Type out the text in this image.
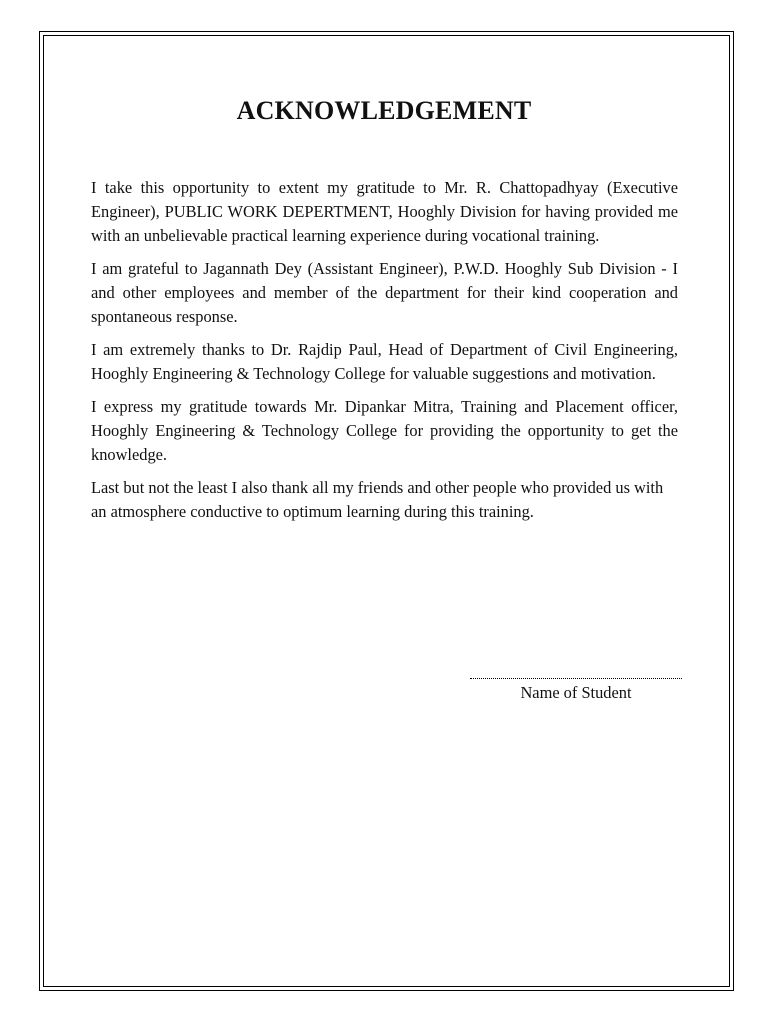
ACKNOWLEDGEMENT

I take this opportunity to extent my gratitude to Mr. R. Chattopadhyay (Executive Engineer), PUBLIC WORK DEPERTMENT, Hooghly Division for having provided me with an unbelievable practical learning experience during vocational training.

I am grateful to Jagannath Dey (Assistant Engineer), P.W.D. Hooghly Sub Division - I and other employees and member of the department for their kind cooperation and spontaneous response.

I am extremely thanks to Dr. Rajdip Paul, Head of Department of Civil Engineering, Hooghly Engineering & Technology College for valuable suggestions and motivation.

I express my gratitude towards Mr. Dipankar Mitra, Training and Placement officer, Hooghly Engineering & Technology College for providing the opportunity to get the knowledge.

Last but not the least I also thank all my friends and other people who provided us with an atmosphere conductive to optimum learning during this training.

Name of Student
